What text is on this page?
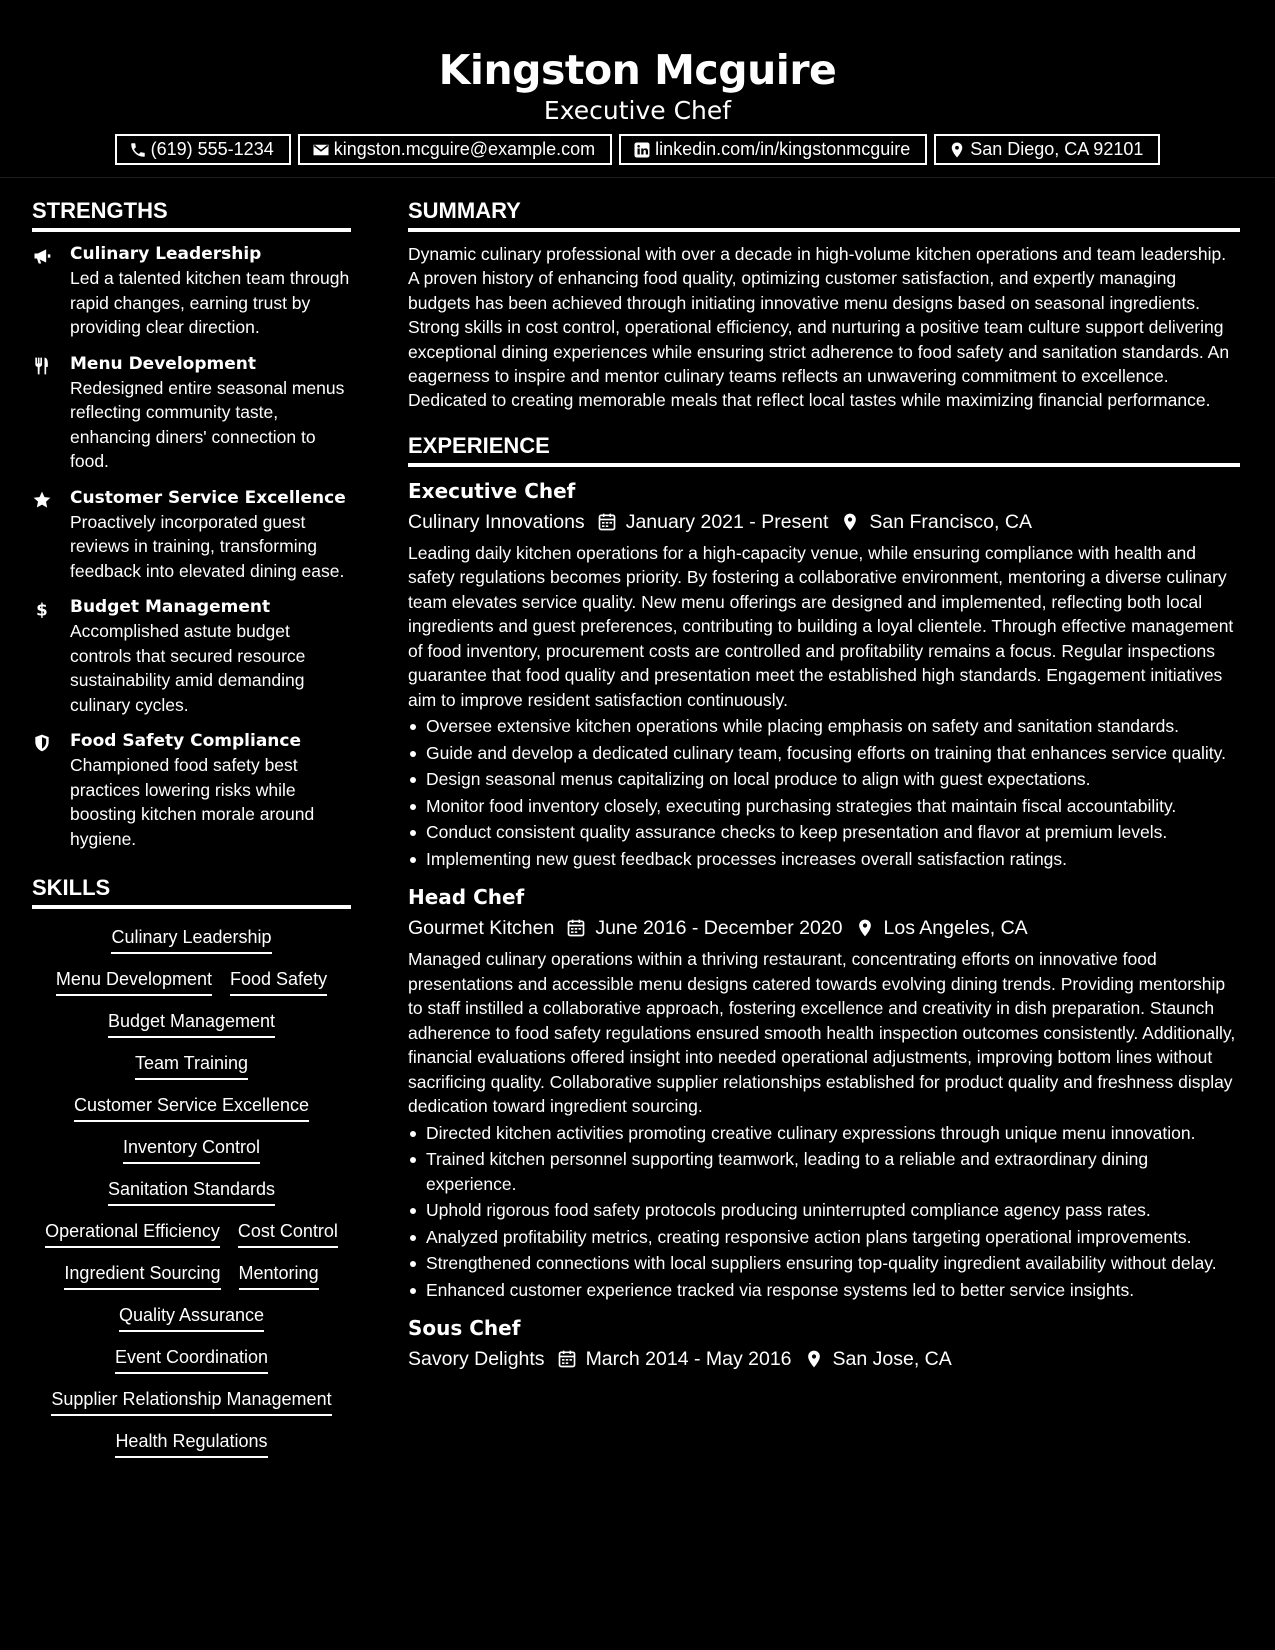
Kingston Mcguire
Executive Chef
(619) 555-1234	kingston.mcguire@example.com	linkedin.com/in/kingstonmcguire	San Diego, CA 92101
STRENGTHS
Culinary Leadership
Led a talented kitchen team through rapid changes, earning trust by providing clear direction.
Menu Development
Redesigned entire seasonal menus reflecting community taste, enhancing diners' connection to food.
Customer Service Excellence
Proactively incorporated guest reviews in training, transforming feedback into elevated dining ease.
$ Budget Management
Accomplished astute budget controls that secured resource sustainability amid demanding culinary cycles.
Food Safety Compliance
Championed food safety best practices lowering risks while boosting kitchen morale around hygiene.
SKILLS
Culinary Leadership
Menu Development Food Safety
Budget Management
Team Training
Customer Service Excellence
Inventory Control
Sanitation Standards
Operational Efficiency Cost Control
Ingredient Sourcing Mentoring
Quality Assurance
Event Coordination
Supplier Relationship Management
Health Regulations
SUMMARY
Dynamic culinary professional with over a decade in high-volume kitchen operations and team leadership. A proven history of enhancing food quality, optimizing customer satisfaction, and expertly managing budgets has been achieved through initiating innovative menu designs based on seasonal ingredients. Strong skills in cost control, operational efficiency, and nurturing a positive team culture support delivering exceptional dining experiences while ensuring strict adherence to food safety and sanitation standards. An eagerness to inspire and mentor culinary teams reflects an unwavering commitment to excellence. Dedicated to creating memorable meals that reflect local tastes while maximizing financial performance.
EXPERIENCE
Executive Chef
Culinary Innovations January 2021 - Present San Francisco, CA
Leading daily kitchen operations for a high-capacity venue, while ensuring compliance with health and safety regulations becomes priority. By fostering a collaborative environment, mentoring a diverse culinary team elevates service quality. New menu offerings are designed and implemented, reflecting both local ingredients and guest preferences, contributing to building a loyal clientele. Through effective management of food inventory, procurement costs are controlled and profitability remains a focus. Regular inspections guarantee that food quality and presentation meet the established high standards. Engagement initiatives aim to improve resident satisfaction continuously.
Oversee extensive kitchen operations while placing emphasis on safety and sanitation standards.
Guide and develop a dedicated culinary team, focusing efforts on training that enhances service quality.
Design seasonal menus capitalizing on local produce to align with guest expectations.
Monitor food inventory closely, executing purchasing strategies that maintain fiscal accountability.
Conduct consistent quality assurance checks to keep presentation and flavor at premium levels.
Implementing new guest feedback processes increases overall satisfaction ratings.
Head Chef
Gourmet Kitchen June 2016 - December 2020 Los Angeles, CA
Managed culinary operations within a thriving restaurant, concentrating efforts on innovative food presentations and accessible menu designs catered towards evolving dining trends. Providing mentorship to staff instilled a collaborative approach, fostering excellence and creativity in dish preparation. Staunch adherence to food safety regulations ensured smooth health inspection outcomes consistently. Additionally, financial evaluations offered insight into needed operational adjustments, improving bottom lines without sacrificing quality. Collaborative supplier relationships established for product quality and freshness display dedication toward ingredient sourcing.
Directed kitchen activities promoting creative culinary expressions through unique menu innovation.
Trained kitchen personnel supporting teamwork, leading to a reliable and extraordinary dining experience.
Uphold rigorous food safety protocols producing uninterrupted compliance agency pass rates.
Analyzed profitability metrics, creating responsive action plans targeting operational improvements.
Strengthened connections with local suppliers ensuring top-quality ingredient availability without delay.
Enhanced customer experience tracked via response systems led to better service insights.
Sous Chef
Savory Delights March 2014 - May 2016 San Jose, CA
